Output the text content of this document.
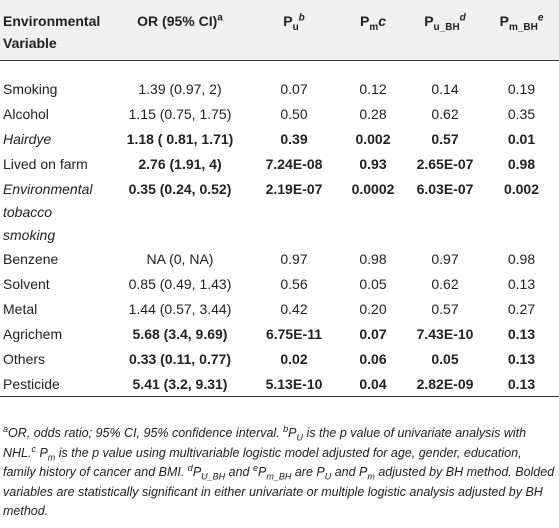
Environmental
Variable	OR (95% CI)$^a$	$P_u^b$	$P_mc$	$P_{u\_BH}^d$	$P_{m\_BH}^e$

Smoking	1.39 (0.97, 2)	0.07	0.12	0.14	0.19
Alcohol	1.15 (0.75, 1.75)	0.50	0.28	0.62	0.35
Hairdye	1.18 ( 0.81, 1.71)	0.39	0.002	0.57	0.01
Lived on farm	2.76 (1.91, 4)	7.24E-08	0.93	2.65E-07	0.98
Environmental
tobacco
smoking	0.35 (0.24, 0.52)	2.19E-07	0.0002	6.03E-07	0.002
Benzene	NA (0, NA)	0.97	0.98	0.97	0.98
Solvent	0.85 (0.49, 1.43)	0.56	0.05	0.62	0.13
Metal	1.44 (0.57, 3.44)	0.42	0.20	0.57	0.27
Agrichem	5.68 (3.4, 9.69)	6.75E-11	0.07	7.43E-10	0.13
Others	0.33 (0.11, 0.77)	0.02	0.06	0.05	0.13
Pesticide	5.41 (3.2, 9.31)	5.13E-10	0.04	2.82E-09	0.13

$^a$OR, odds ratio; 95% CI, 95% confidence interval. $^bP_U$ is the p value of univariate analysis with NHL.$^c$ $P_m$ is the p value using multivariable logistic model adjusted for age, gender, education, family history of cancer and BMI. $^dP_{U\_BH}$ and $^eP_{m\_BH}$ are $P_U$ and $P_m$ adjusted by BH method. Bolded variables are statistically significant in either univariate or multiple logistic analysis adjusted by BH method.
